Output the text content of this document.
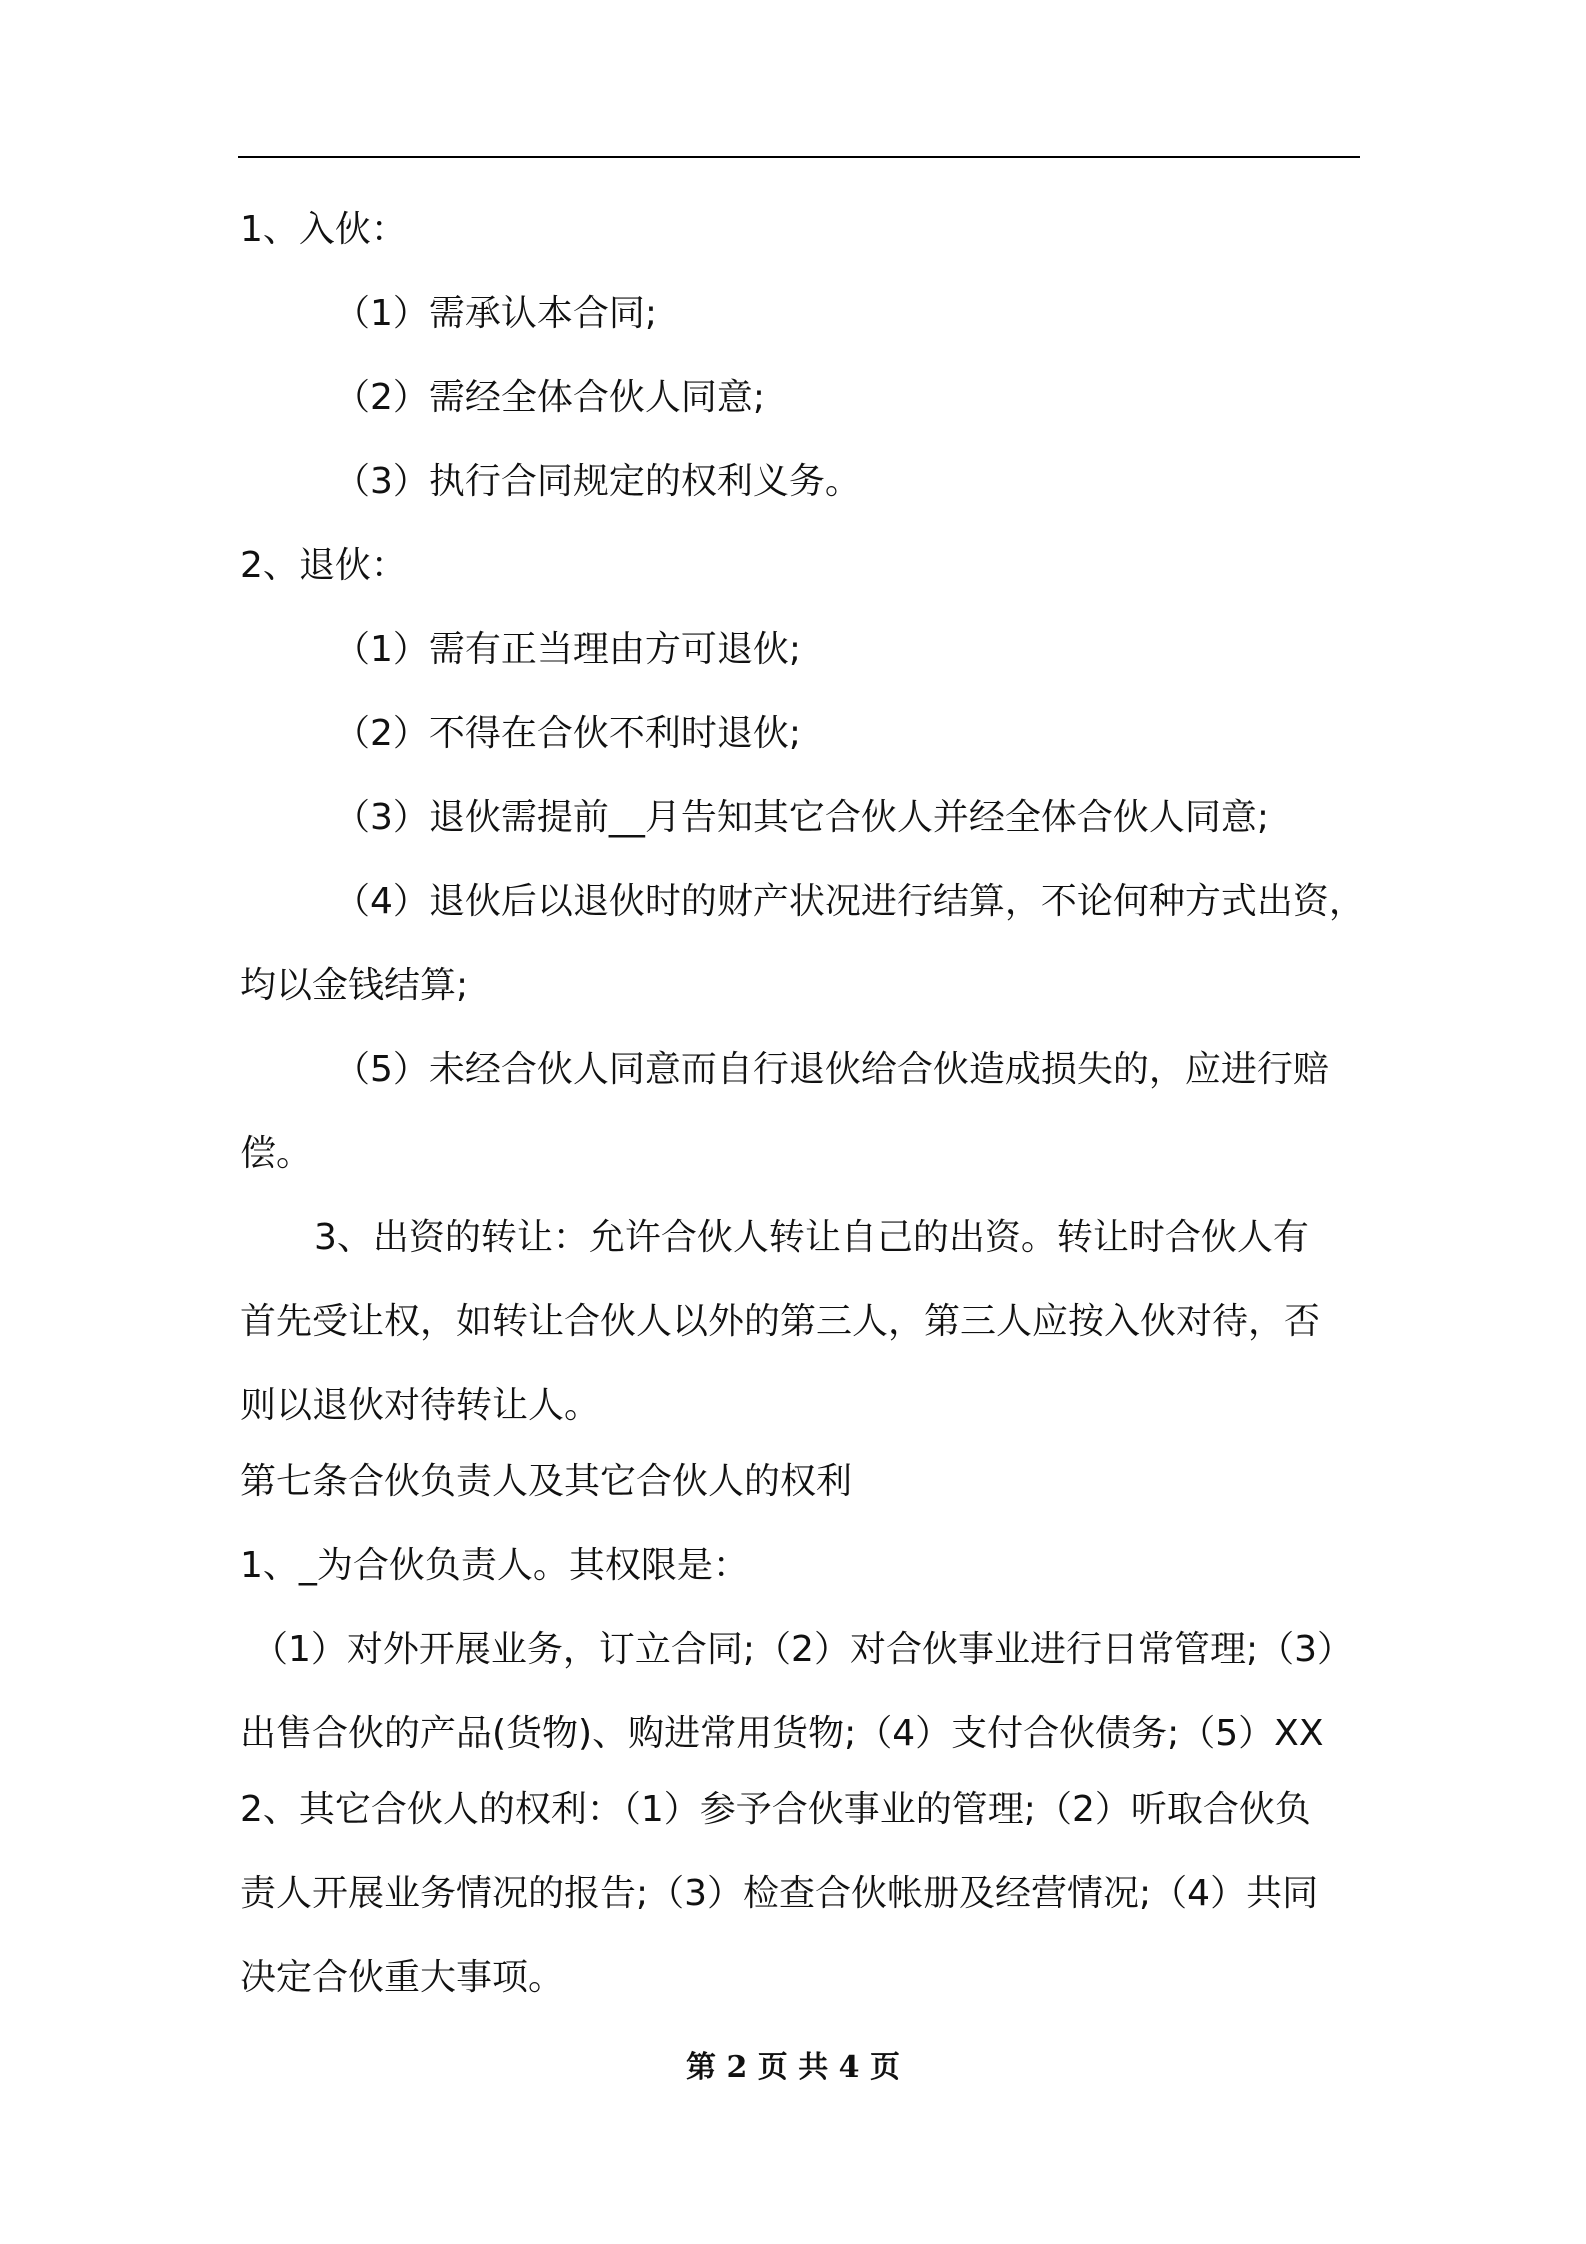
1、入伙：
（1）需承认本合同;
（2）需经全体合伙人同意;
（3）执行合同规定的权利义务。
2、退伙：
（1）需有正当理由方可退伙;
（2）不得在合伙不利时退伙;
（3）退伙需提前__月告知其它合伙人并经全体合伙人同意;
（4）退伙后以退伙时的财产状况进行结算，不论何种方式出资，
均以金钱结算;
（5）未经合伙人同意而自行退伙给合伙造成损失的，应进行赔
偿。
3、出资的转让：允许合伙人转让自己的出资。转让时合伙人有
首先受让权，如转让合伙人以外的第三人，第三人应按入伙对待，否
则以退伙对待转让人。
第七条合伙负责人及其它合伙人的权利
1、_为合伙负责人。其权限是：
（1）对外开展业务，订立合同;（2）对合伙事业进行日常管理;（3）
出售合伙的产品(货物)、购进常用货物;（4）支付合伙债务;（5）XX
2、其它合伙人的权利：（1）参予合伙事业的管理;（2）听取合伙负
责人开展业务情况的报告;（3）检查合伙帐册及经营情况;（4）共同
决定合伙重大事项。
第 2 页 共 4 页
